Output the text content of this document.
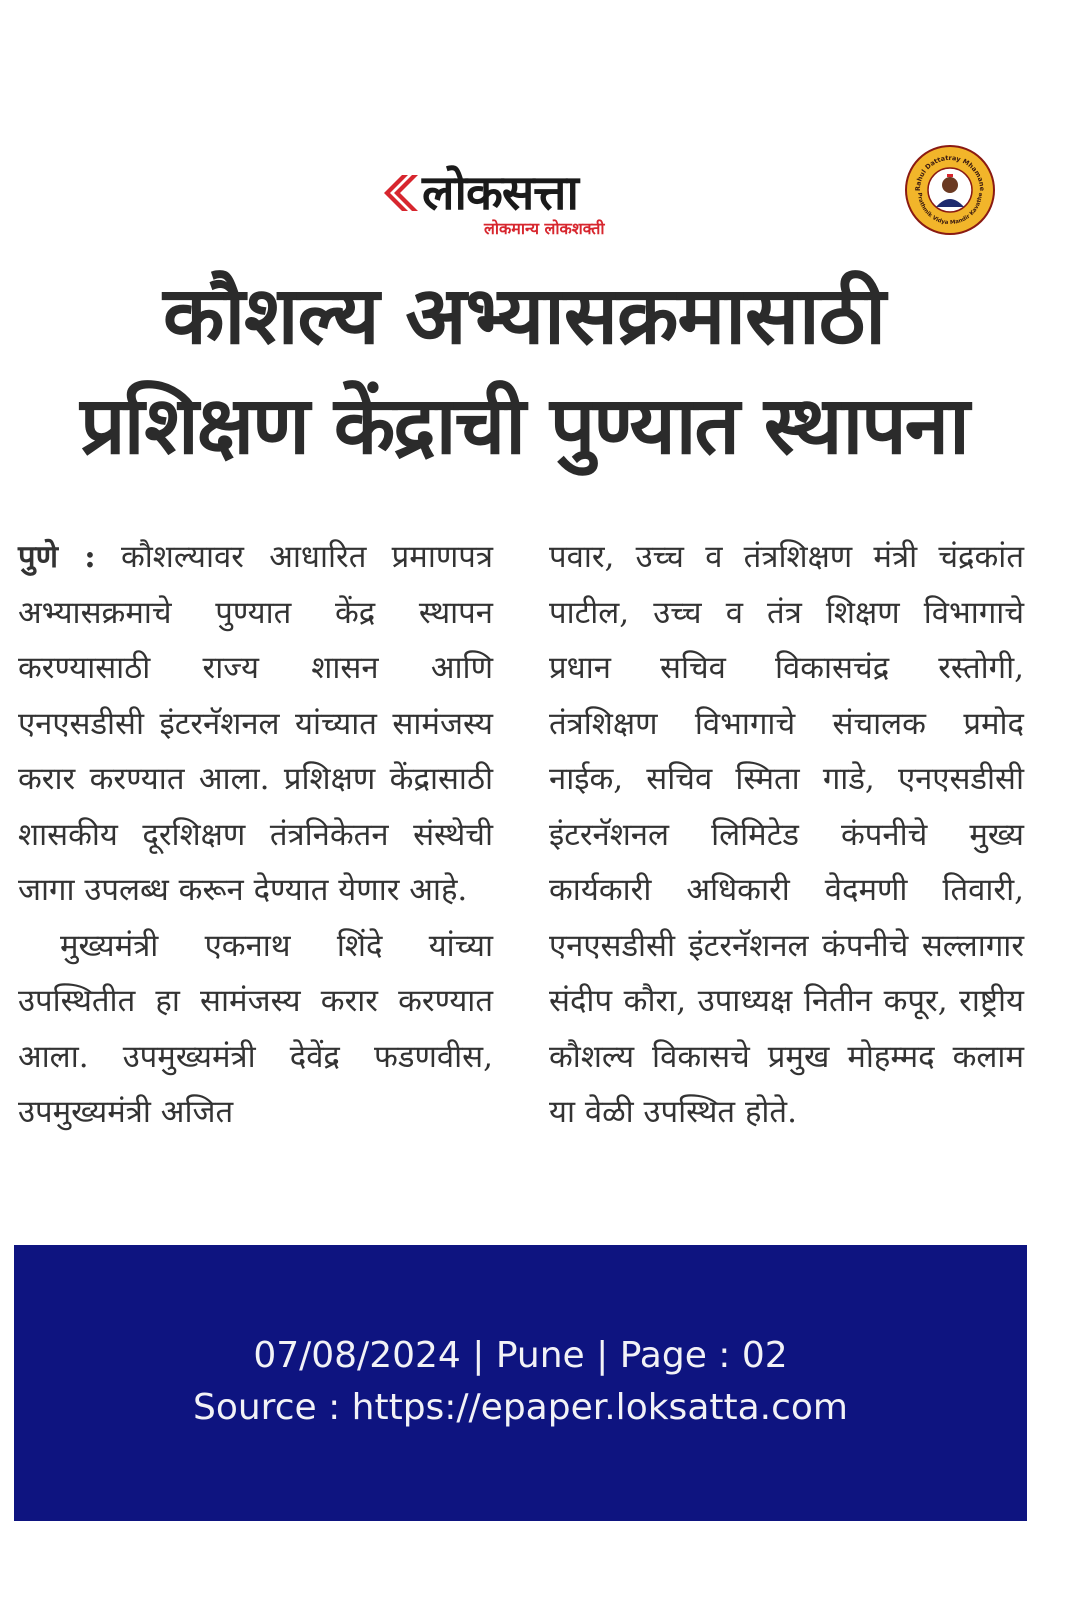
लोकसत्ता
लोकमान्य लोकशक्ती
Rahul Dattatray Mhamane
Prathmik Vidya Mandir Kavathe
कौशल्य अभ्यासक्रमासाठी
प्रशिक्षण केंद्राची पुण्यात स्थापना

पुणे : कौशल्यावर आधारित प्रमाणपत्र अभ्यासक्रमाचे पुण्यात केंद्र स्थापन करण्यासाठी राज्य शासन आणि एनएसडीसी इंटरनॅशनल यांच्यात सामंजस्य करार करण्यात आला. प्रशिक्षण केंद्रासाठी शासकीय दूरशिक्षण तंत्रनिकेतन संस्थेची जागा उपलब्ध करून देण्यात येणार आहे.

मुख्यमंत्री एकनाथ शिंदे यांच्या उपस्थितीत हा सामंजस्य करार करण्यात आला. उपमुख्यमंत्री देवेंद्र फडणवीस, उपमुख्यमंत्री अजित

पवार, उच्च व तंत्रशिक्षण मंत्री चंद्रकांत पाटील, उच्च व तंत्र शिक्षण विभागाचे प्रधान सचिव विकासचंद्र रस्तोगी, तंत्रशिक्षण विभागाचे संचालक प्रमोद नाईक, सचिव स्मिता गाडे, एनएसडीसी इंटरनॅशनल लिमिटेड कंपनीचे मुख्य कार्यकारी अधिकारी वेदमणी तिवारी, एनएसडीसी इंटरनॅशनल कंपनीचे सल्लागार संदीप कौरा, उपाध्यक्ष नितीन कपूर, राष्ट्रीय कौशल्य विकासचे प्रमुख मोहम्मद कलाम या वेळी उपस्थित होते.

07/08/2024 | Pune | Page : 02
Source : https://epaper.loksatta.com
